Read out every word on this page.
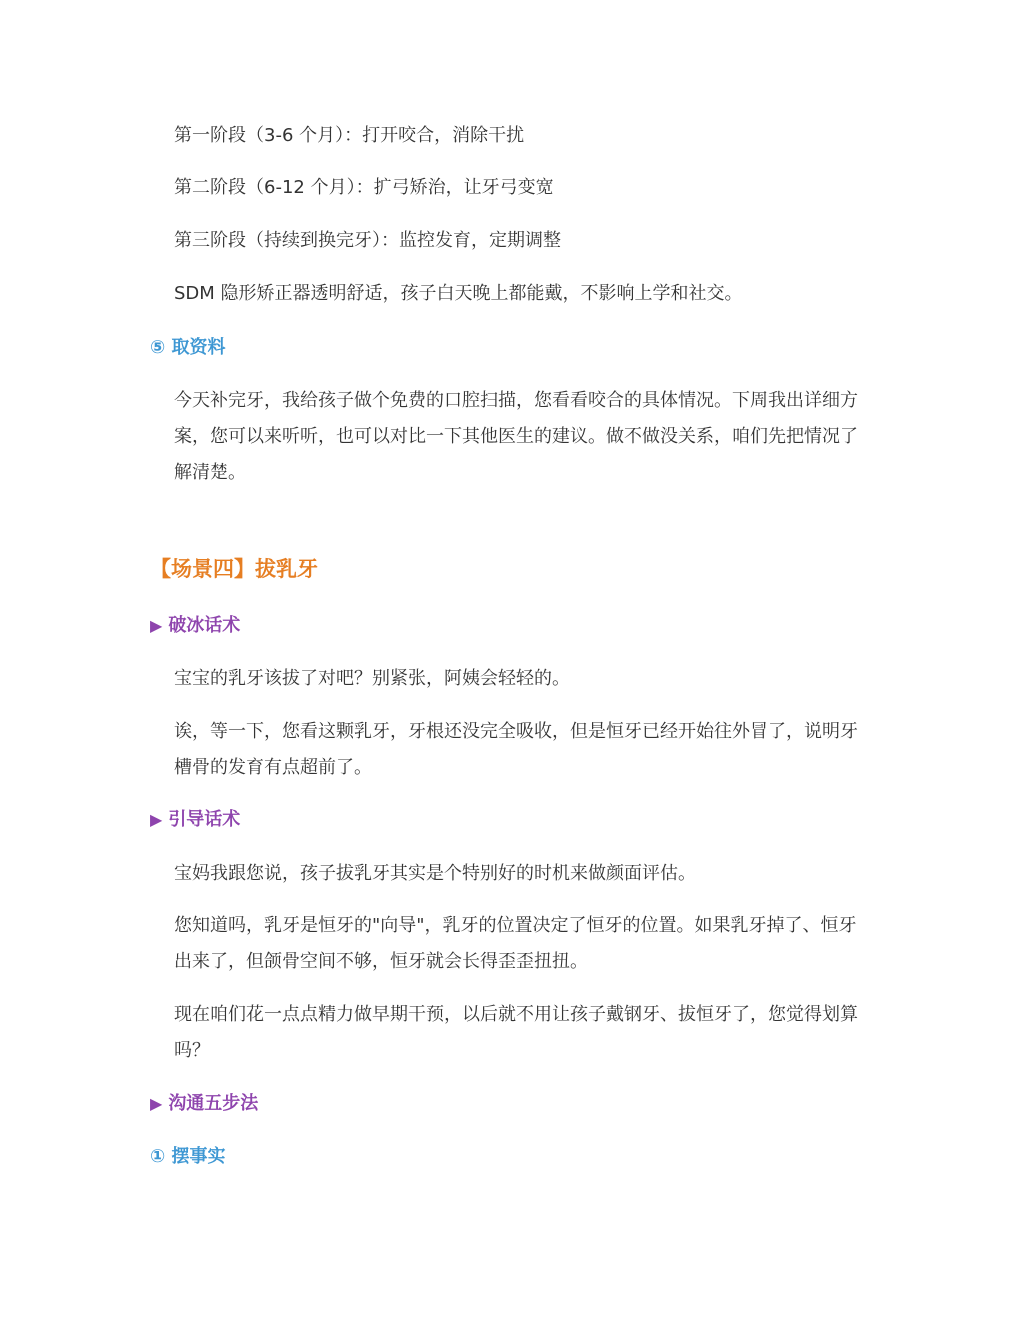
第一阶段（3-6 个月）：打开咬合，消除干扰
第二阶段（6-12 个月）：扩弓矫治，让牙弓变宽
第三阶段（持续到换完牙）：监控发育，定期调整
SDM 隐形矫正器透明舒适，孩子白天晚上都能戴，不影响上学和社交。
⑤ 取资料

今天补完牙，我给孩子做个免费的口腔扫描，您看看咬合的具体情况。下周我出详细方案，您可以来听听，也可以对比一下其他医生的建议。做不做没关系，咱们先把情况了解清楚。

【场景四】拔乳牙
▶ 破冰话术
宝宝的乳牙该拔了对吧？别紧张，阿姨会轻轻的。

诶，等一下，您看这颗乳牙，牙根还没完全吸收，但是恒牙已经开始往外冒了，说明牙槽骨的发育有点超前了。

▶ 引导话术
宝妈我跟您说，孩子拔乳牙其实是个特别好的时机来做颜面评估。

您知道吗，乳牙是恒牙的"向导"，乳牙的位置决定了恒牙的位置。如果乳牙掉了、恒牙出来了，但颌骨空间不够，恒牙就会长得歪歪扭扭。

现在咱们花一点点精力做早期干预，以后就不用让孩子戴钢牙、拔恒牙了，您觉得划算吗？

▶ 沟通五步法
① 摆事实
